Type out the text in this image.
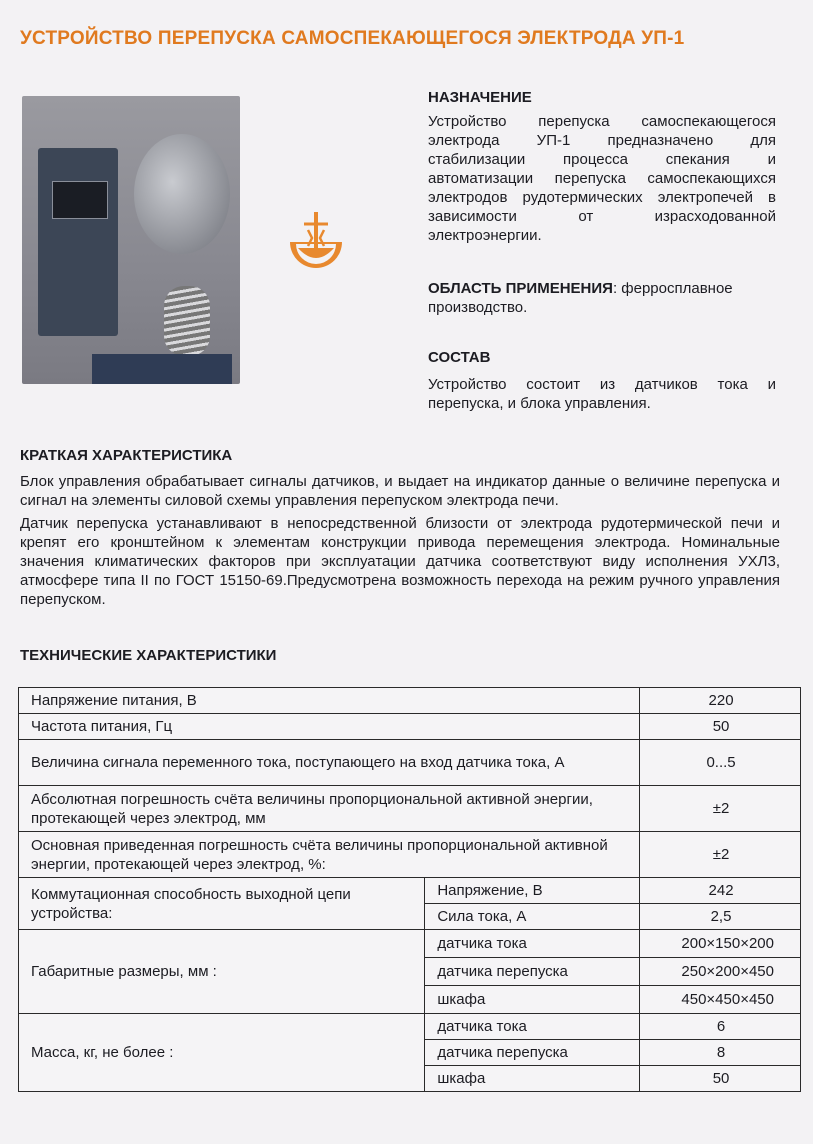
УСТРОЙСТВО ПЕРЕПУСКА САМОСПЕКАЮЩЕГОСЯ ЭЛЕКТРОДА УП-1
НАЗНАЧЕНИЕ
Устройство перепуска самоспекающегося электрода УП-1 предназначено для стабилизации процесса спекания и автоматизации перепуска самоспекающихся электродов рудотермических электропечей в зависимости от израсходованной электроэнергии.
ОБЛАСТЬ ПРИМЕНЕНИЯ: ферросплавное производство.
СОСТАВ
Устройство состоит из датчиков тока и перепуска, и блока управления.
КРАТКАЯ ХАРАКТЕРИСТИКА
Блок управления обрабатывает сигналы датчиков, и выдает на индикатор данные о величине перепуска и сигнал на элементы силовой схемы управления перепуском электрода печи.
Датчик перепуска устанавливают в непосредственной близости от электрода рудотермической печи и крепят его кронштейном к элементам конструкции привода перемещения электрода. Номинальные значения климатических факторов при эксплуатации датчика соответствуют виду исполнения УХЛ3, атмосфере типа II по ГОСТ 15150-69.Предусмотрена возможность перехода на режим ручного управления перепуском.
ТЕХНИЧЕСКИЕ ХАРАКТЕРИСТИКИ
Напряжение питания, В		220
Частота питания, Гц		50
Величина сигнала переменного тока, поступающего на вход датчика тока, А		0...5
Абсолютная погрешность счёта величины пропорциональной активной энергии, протекающей через электрод, мм		±2
Основная приведенная погрешность счёта величины пропорциональной активной энергии, протекающей через электрод, %:		±2
Коммутационная способность выходной цепи устройства:	Напряжение, В	242
	Сила тока, А	2,5
Габаритные размеры, мм :	датчика тока	200×150×200
	датчика перепуска	250×200×450
	шкафа	450×450×450
Масса, кг, не более :	датчика тока	6
	датчика перепуска	8
	шкафа	50
